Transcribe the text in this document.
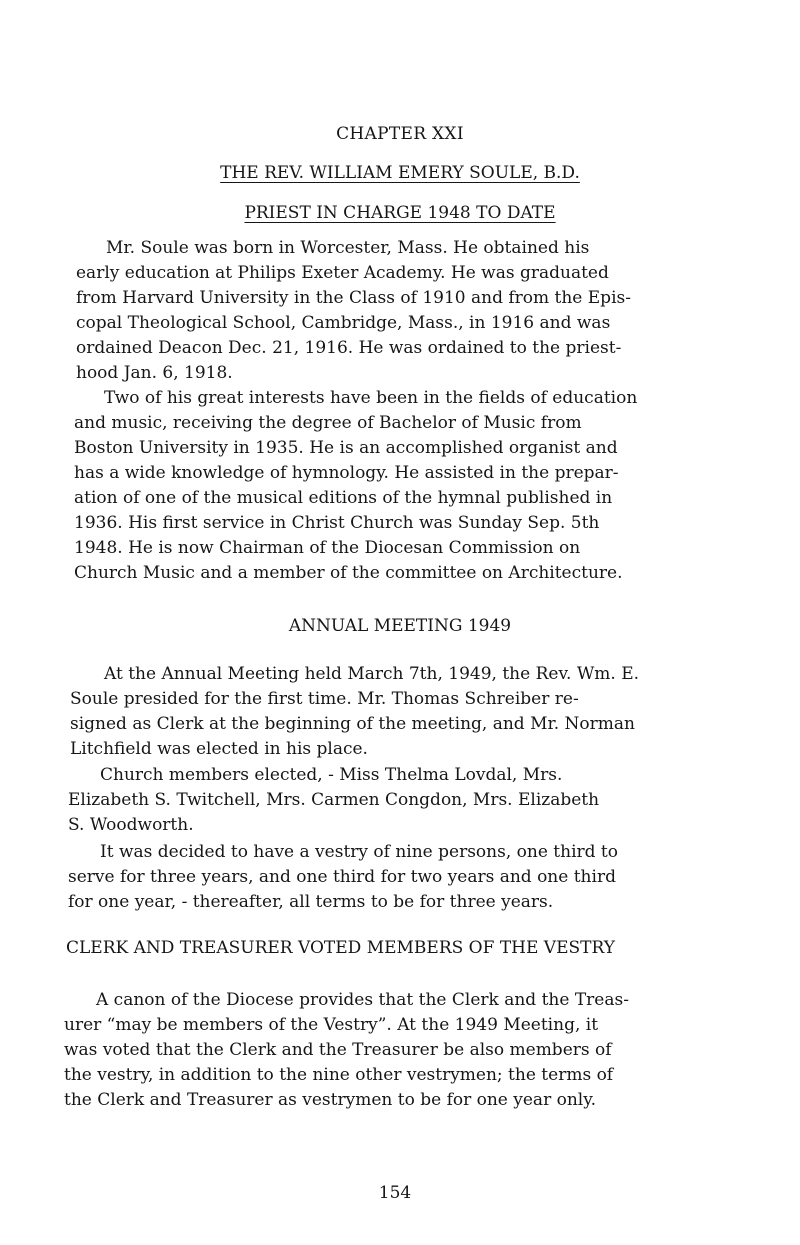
CHAPTER XXI
THE REV. WILLIAM EMERY SOULE, B.D.
PRIEST IN CHARGE 1948 TO DATE
Mr. Soule was born in Worcester, Mass. He obtained his
early education at Philips Exeter Academy. He was graduated
from Harvard University in the Class of 1910 and from the Epis-
copal Theological School, Cambridge, Mass., in 1916 and was
ordained Deacon Dec. 21, 1916. He was ordained to the priest-
hood Jan. 6, 1918.
Two of his great interests have been in the fields of education
and music, receiving the degree of Bachelor of Music from
Boston University in 1935. He is an accomplished organist and
has a wide knowledge of hymnology. He assisted in the prepar-
ation of one of the musical editions of the hymnal published in
1936. His first service in Christ Church was Sunday Sep. 5th
1948. He is now Chairman of the Diocesan Commission on
Church Music and a member of the committee on Architecture.
ANNUAL MEETING 1949
At the Annual Meeting held March 7th, 1949, the Rev. Wm. E.
Soule presided for the first time. Mr. Thomas Schreiber re-
signed as Clerk at the beginning of the meeting, and Mr. Norman
Litchfield was elected in his place.
Church members elected, - Miss Thelma Lovdal, Mrs.
Elizabeth S. Twitchell, Mrs. Carmen Congdon, Mrs. Elizabeth
S. Woodworth.
It was decided to have a vestry of nine persons, one third to
serve for three years, and one third for two years and one third
for one year, - thereafter, all terms to be for three years.
CLERK AND TREASURER VOTED MEMBERS OF THE VESTRY
A canon of the Diocese provides that the Clerk and the Treas-
urer “may be members of the Vestry”. At the 1949 Meeting, it
was voted that the Clerk and the Treasurer be also members of
the vestry, in addition to the nine other vestrymen; the terms of
the Clerk and Treasurer as vestrymen to be for one year only.
154
